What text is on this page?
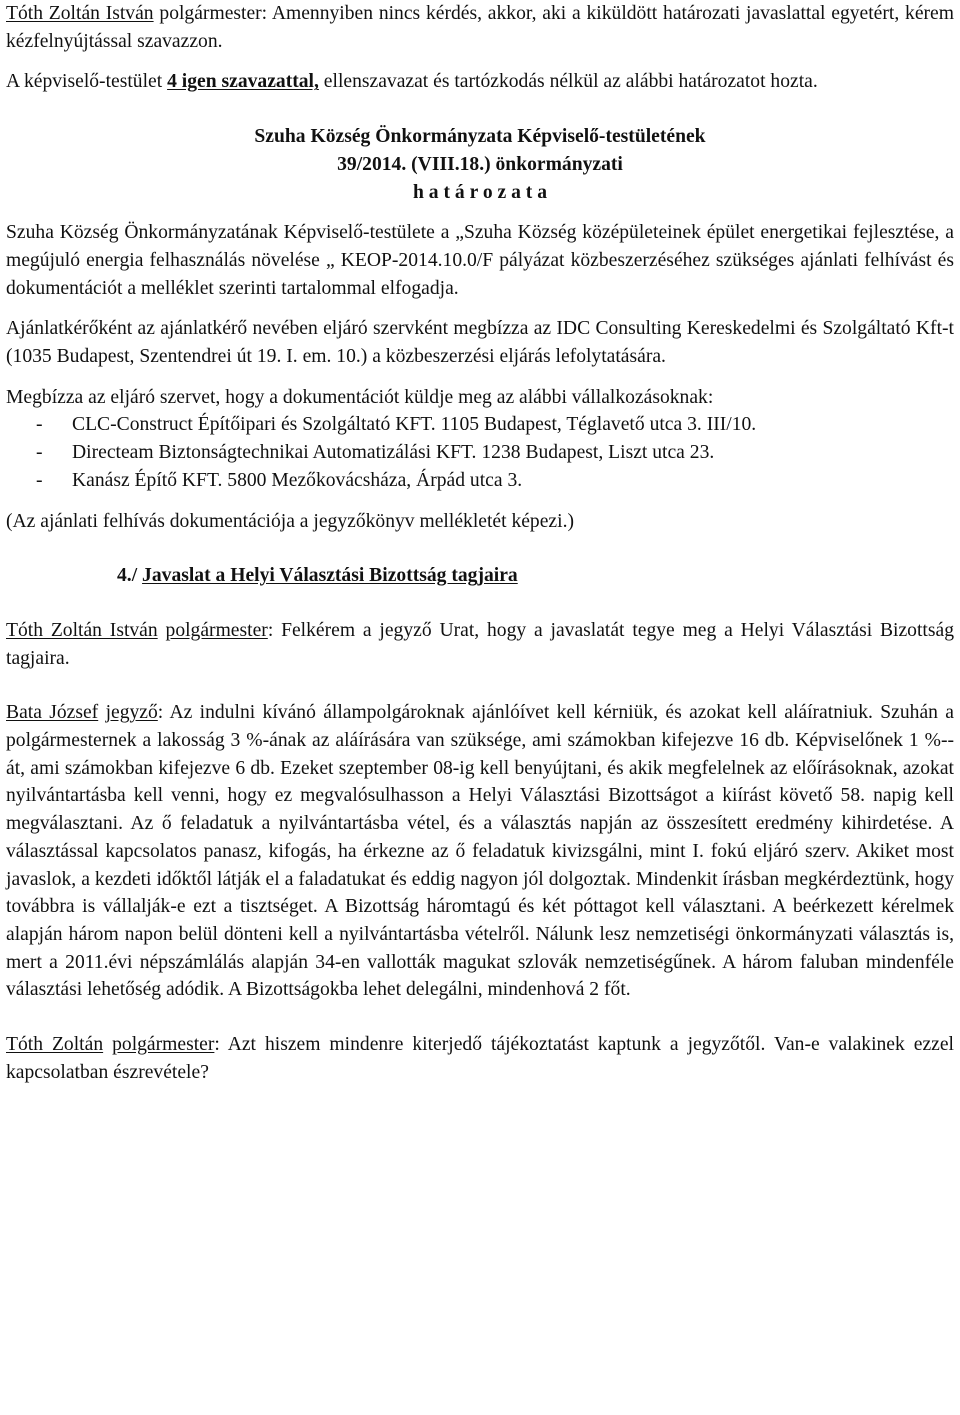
Tóth Zoltán István polgármester: Amennyiben nincs kérdés, akkor, aki a kiküldött határozati javaslattal egyetért, kérem kézfelnyújtással szavazzon.

A képviselő-testület 4 igen szavazattal, ellenszavazat és tartózkodás nélkül az alábbi határozatot hozta.

Szuha Község Önkormányzata Képviselő-testületének
39/2014. (VIII.18.) önkormányzati
h a t á r o z a t a

Szuha Község Önkormányzatának Képviselő-testülete a „Szuha Község középületeinek épület energetikai fejlesztése, a megújuló energia felhasználás növelése „ KEOP-2014.10.0/F pályázat közbeszerzéséhez szükséges ajánlati felhívást és dokumentációt a melléklet szerinti tartalommal elfogadja.

Ajánlatkérőként az ajánlatkérő nevében eljáró szervként megbízza az IDC Consulting Kereskedelmi és Szolgáltató Kft-t (1035 Budapest, Szentendrei út 19. I. em. 10.) a közbeszerzési eljárás lefolytatására.

Megbízza az eljáró szervet, hogy a dokumentációt küldje meg az alábbi vállalkozásoknak:

- CLC-Construct Építőipari és Szolgáltató KFT. 1105 Budapest, Téglavető utca 3. III/10.
- Directeam Biztonságtechnikai Automatizálási KFT. 1238 Budapest, Liszt utca 23.
- Kanász Építő KFT. 5800 Mezőkovácsháza, Árpád utca 3.

(Az ajánlati felhívás dokumentációja a jegyzőkönyv mellékletét képezi.)

4./ Javaslat a Helyi Választási Bizottság tagjaira

Tóth Zoltán István polgármester: Felkérem a jegyző Urat, hogy a javaslatát tegye meg a Helyi Választási Bizottság tagjaira.

Bata József jegyző: Az indulni kívánó állampolgároknak ajánlóívet kell kérniük, és azokat kell aláíratniuk. Szuhán a polgármesternek a lakosság 3 %-ának az aláírására van szüksége, ami számokban kifejezve 16 db. Képviselőnek 1 %--át, ami számokban kifejezve 6 db. Ezeket szeptember 08-ig kell benyújtani, és akik megfelelnek az előírásoknak, azokat nyilvántartásba kell venni, hogy ez megvalósulhasson a Helyi Választási Bizottságot a kiírást követő 58. napig kell megválasztani. Az ő feladatuk a nyilvántartásba vétel, és a választás napján az összesített eredmény kihirdetése. A választással kapcsolatos panasz, kifogás, ha érkezne az ő feladatuk kivizsgálni, mint I. fokú eljáró szerv. Akiket most javaslok, a kezdeti időktől látják el a faladatukat és eddig nagyon jól dolgoztak. Mindenkit írásban megkérdeztünk, hogy továbbra is vállalják-e ezt a tisztséget. A Bizottság háromtagú és két póttagot kell választani. A beérkezett kérelmek alapján három napon belül dönteni kell a nyilvántartásba vételről. Nálunk lesz nemzetiségi önkormányzati választás is, mert a 2011.évi népszámlálás alapján 34-en vallották magukat szlovák nemzetiségűnek. A három faluban mindenféle választási lehetőség adódik. A Bizottságokba lehet delegálni, mindenhová 2 főt.

Tóth Zoltán polgármester: Azt hiszem mindenre kiterjedő tájékoztatást kaptunk a jegyzőtől. Van-e valakinek ezzel kapcsolatban észrevétele?
